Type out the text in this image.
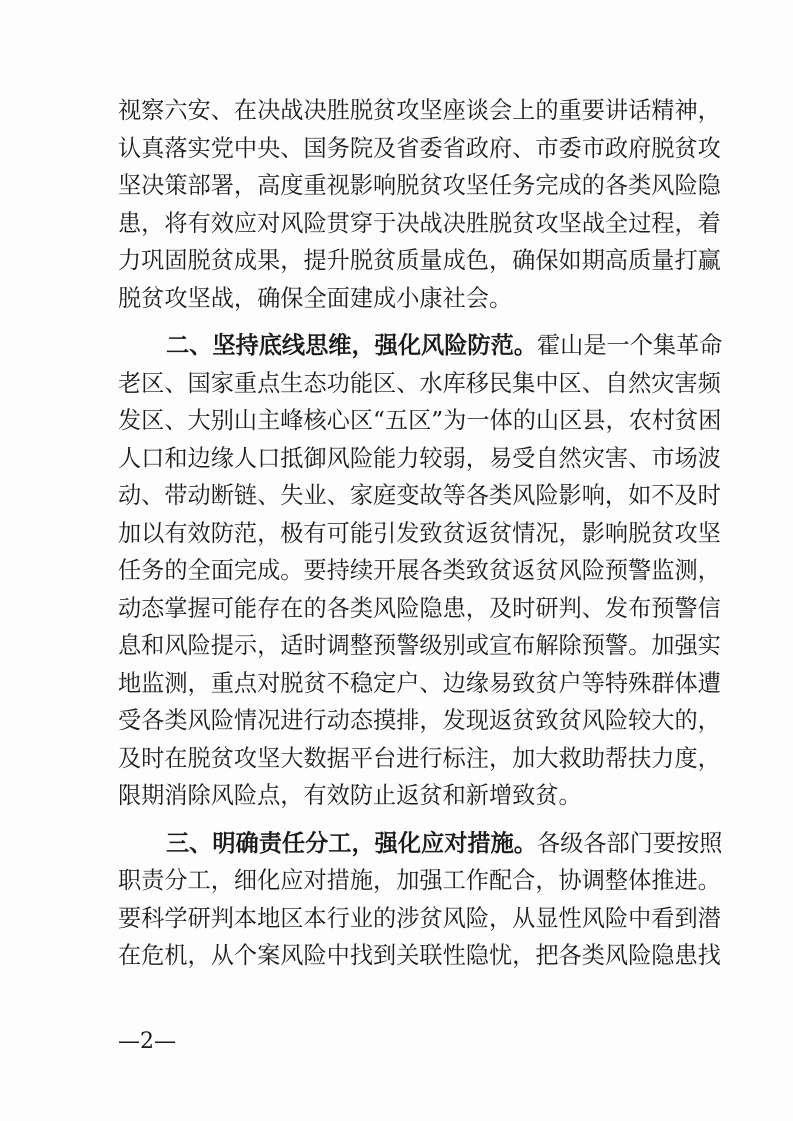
视察六安、在决战决胜脱贫攻坚座谈会上的重要讲话精神，
认真落实党中央、国务院及省委省政府、市委市政府脱贫攻
坚决策部署，高度重视影响脱贫攻坚任务完成的各类风险隐
患，将有效应对风险贯穿于决战决胜脱贫攻坚战全过程，着
力巩固脱贫成果，提升脱贫质量成色，确保如期高质量打赢
脱贫攻坚战，确保全面建成小康社会。
二、坚持底线思维，强化风险防范。霍山是一个集革命
老区、国家重点生态功能区、水库移民集中区、自然灾害频
发区、大别山主峰核心区“五区”为一体的山区县，农村贫困
人口和边缘人口抵御风险能力较弱，易受自然灾害、市场波
动、带动断链、失业、家庭变故等各类风险影响，如不及时
加以有效防范，极有可能引发致贫返贫情况，影响脱贫攻坚
任务的全面完成。要持续开展各类致贫返贫风险预警监测，
动态掌握可能存在的各类风险隐患，及时研判、发布预警信
息和风险提示，适时调整预警级别或宣布解除预警。加强实
地监测，重点对脱贫不稳定户、边缘易致贫户等特殊群体遭
受各类风险情况进行动态摸排，发现返贫致贫风险较大的，
及时在脱贫攻坚大数据平台进行标注，加大救助帮扶力度，
限期消除风险点，有效防止返贫和新增致贫。
三、明确责任分工，强化应对措施。各级各部门要按照
职责分工，细化应对措施，加强工作配合，协调整体推进。
要科学研判本地区本行业的涉贫风险，从显性风险中看到潜
在危机，从个案风险中找到关联性隐忧，把各类风险隐患找
—2—
